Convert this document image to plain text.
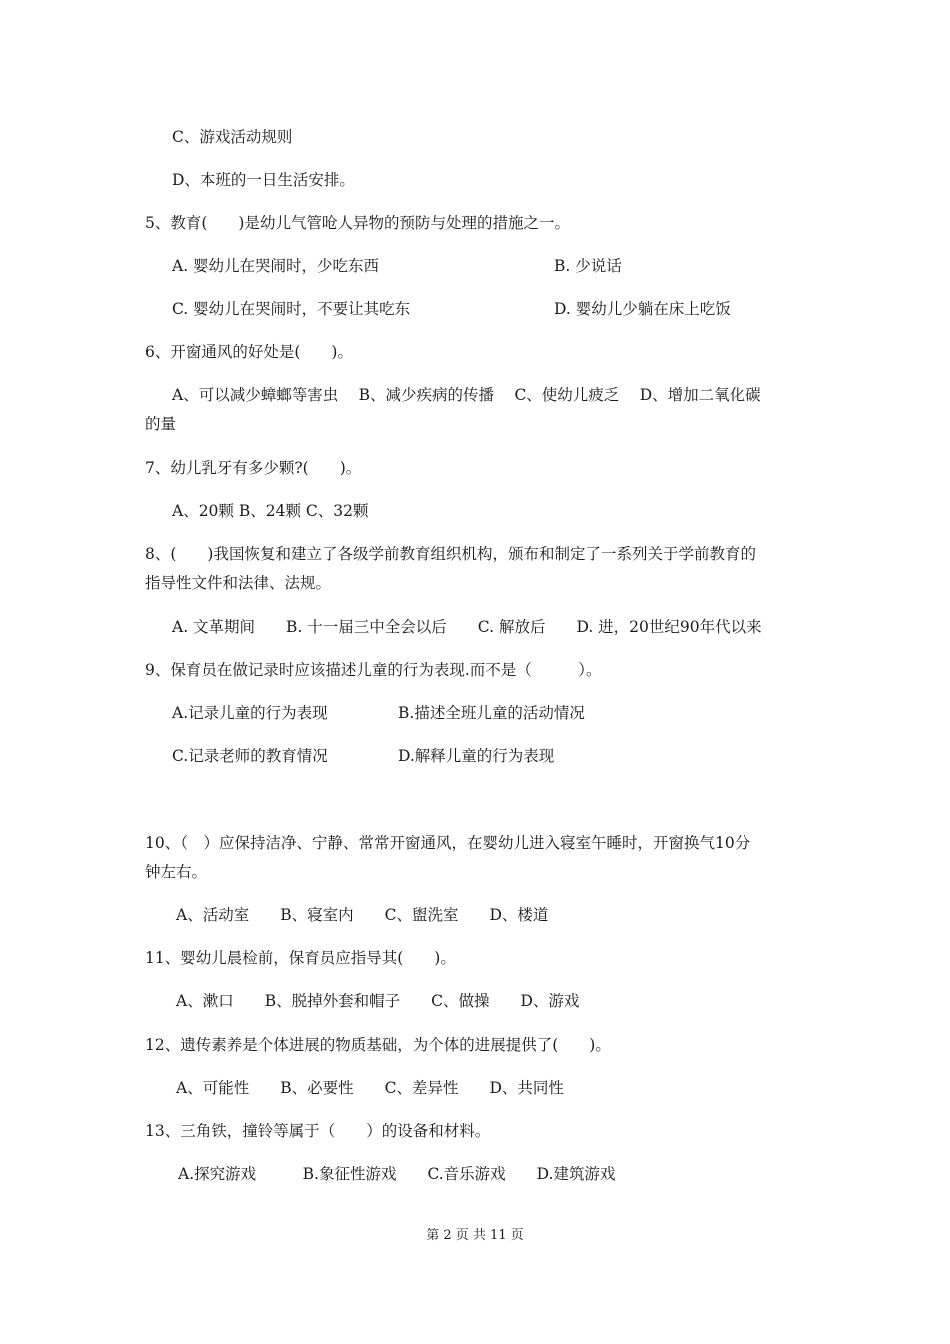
C、游戏活动规则

D、本班的一日生活安排。

5、教育(　　)是幼儿气管呛人异物的预防与处理的措施之一。

A. 婴幼儿在哭闹时，少吃东西	B. 少说话

C. 婴幼儿在哭闹时，不要让其吃东	D. 婴幼儿少躺在床上吃饭

6、开窗通风的好处是(　　)。

A、可以减少蟑螂等害虫　 B、减少疾病的传播　 C、使幼儿疲乏　 D、增加二氧化碳

的量

7、幼儿乳牙有多少颗?(　　)。

A、20颗 B、24颗 C、32颗

8、(　　)我国恢复和建立了各级学前教育组织机构，颁布和制定了一系列关于学前教育的

指导性文件和法律、法规。

A. 文革期间　　B. 十一届三中全会以后　　C. 解放后　　D. 进，20世纪90年代以来

9、保育员在做记录时应该描述儿童的行为表现.而不是（　　　）。

A.记录儿童的行为表现	B.描述全班儿童的活动情况

C.记录老师的教育情况	D.解释儿童的行为表现

10、（　）应保持洁净、宁静、常常开窗通风，在婴幼儿进入寝室午睡时，开窗换气10分

钟左右。

A、活动室　　B、寝室内　　C、盥洗室　　D、楼道

11、婴幼儿晨检前，保育员应指导其(　　)。

A、漱口　　B、脱掉外套和帽子　　C、做操　　D、游戏

12、遗传素养是个体进展的物质基础，为个体的进展提供了(　　)。

A、可能性　　B、必要性　　C、差异性　　D、共同性

13、三角铁，撞铃等属于（　　）的设备和材料。

A.探究游戏　　　B.象征性游戏　　C.音乐游戏　　D.建筑游戏

第 2 页 共 11 页
